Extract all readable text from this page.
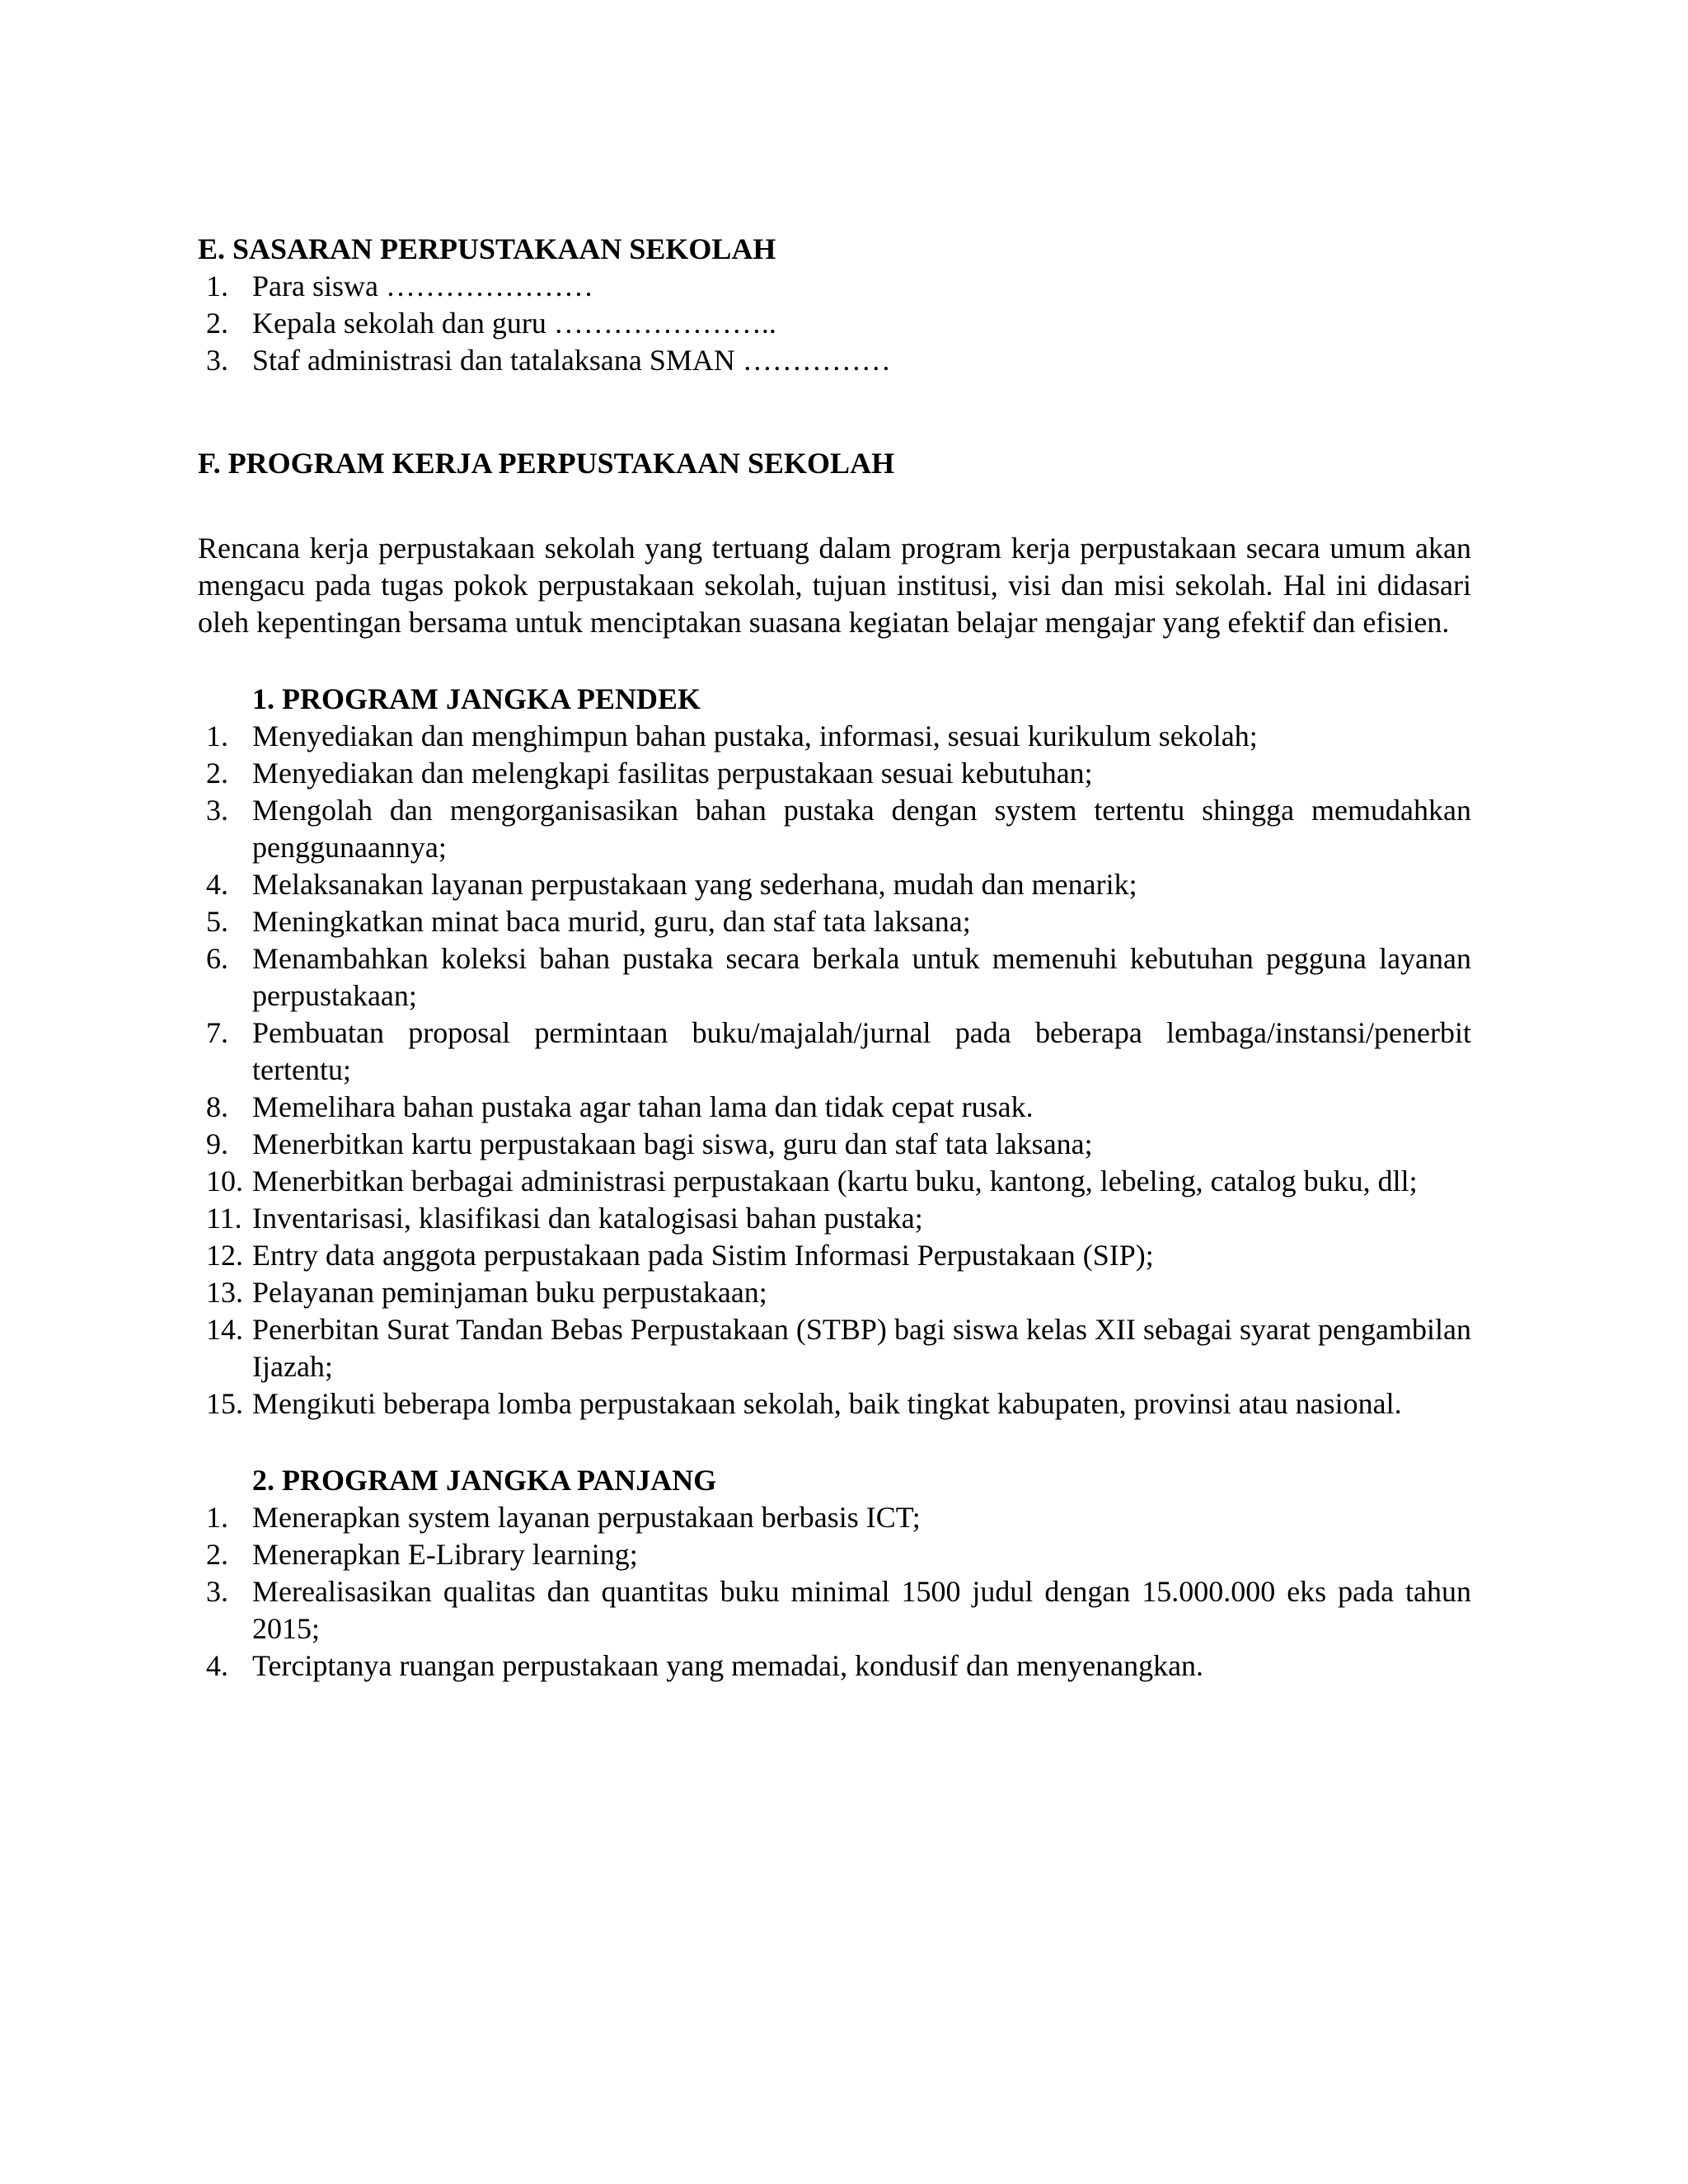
E. SASARAN PERPUSTAKAAN SEKOLAH

1. Para siswa …………………
2. Kepala sekolah dan guru …………………..
3. Staf administrasi dan tatalaksana SMAN ……………

F. PROGRAM KERJA PERPUSTAKAAN SEKOLAH

Rencana kerja perpustakaan sekolah yang tertuang dalam program kerja perpustakaan secara umum akan mengacu pada tugas pokok perpustakaan sekolah, tujuan institusi, visi dan misi sekolah. Hal ini didasari oleh kepentingan bersama untuk menciptakan suasana kegiatan belajar mengajar yang efektif dan efisien.

1. PROGRAM JANGKA PENDEK

1. Menyediakan dan menghimpun bahan pustaka, informasi, sesuai kurikulum sekolah;
2. Menyediakan dan melengkapi fasilitas perpustakaan sesuai kebutuhan;
3. Mengolah dan mengorganisasikan bahan pustaka dengan system tertentu shingga memudahkan penggunaannya;
4. Melaksanakan layanan perpustakaan yang sederhana, mudah dan menarik;
5. Meningkatkan minat baca murid, guru, dan staf tata laksana;
6. Menambahkan koleksi bahan pustaka secara berkala untuk memenuhi kebutuhan pegguna layanan perpustakaan;
7. Pembuatan proposal permintaan buku/majalah/jurnal pada beberapa lembaga/instansi/penerbit tertentu;
8. Memelihara bahan pustaka agar tahan lama dan tidak cepat rusak.
9. Menerbitkan kartu perpustakaan bagi siswa, guru dan staf tata laksana;
10. Menerbitkan berbagai administrasi perpustakaan (kartu buku, kantong, lebeling, catalog buku, dll;
11. Inventarisasi, klasifikasi dan katalogisasi bahan pustaka;
12. Entry data anggota perpustakaan pada Sistim Informasi Perpustakaan (SIP);
13. Pelayanan peminjaman buku perpustakaan;
14. Penerbitan Surat Tandan Bebas Perpustakaan (STBP) bagi siswa kelas XII sebagai syarat pengambilan Ijazah;
15. Mengikuti beberapa lomba perpustakaan sekolah, baik tingkat kabupaten, provinsi atau nasional.

2. PROGRAM JANGKA PANJANG

1. Menerapkan system layanan perpustakaan berbasis ICT;
2. Menerapkan E-Library learning;
3. Merealisasikan qualitas dan quantitas buku minimal 1500 judul dengan 15.000.000 eks pada tahun 2015;
4. Terciptanya ruangan perpustakaan yang memadai, kondusif dan menyenangkan.
